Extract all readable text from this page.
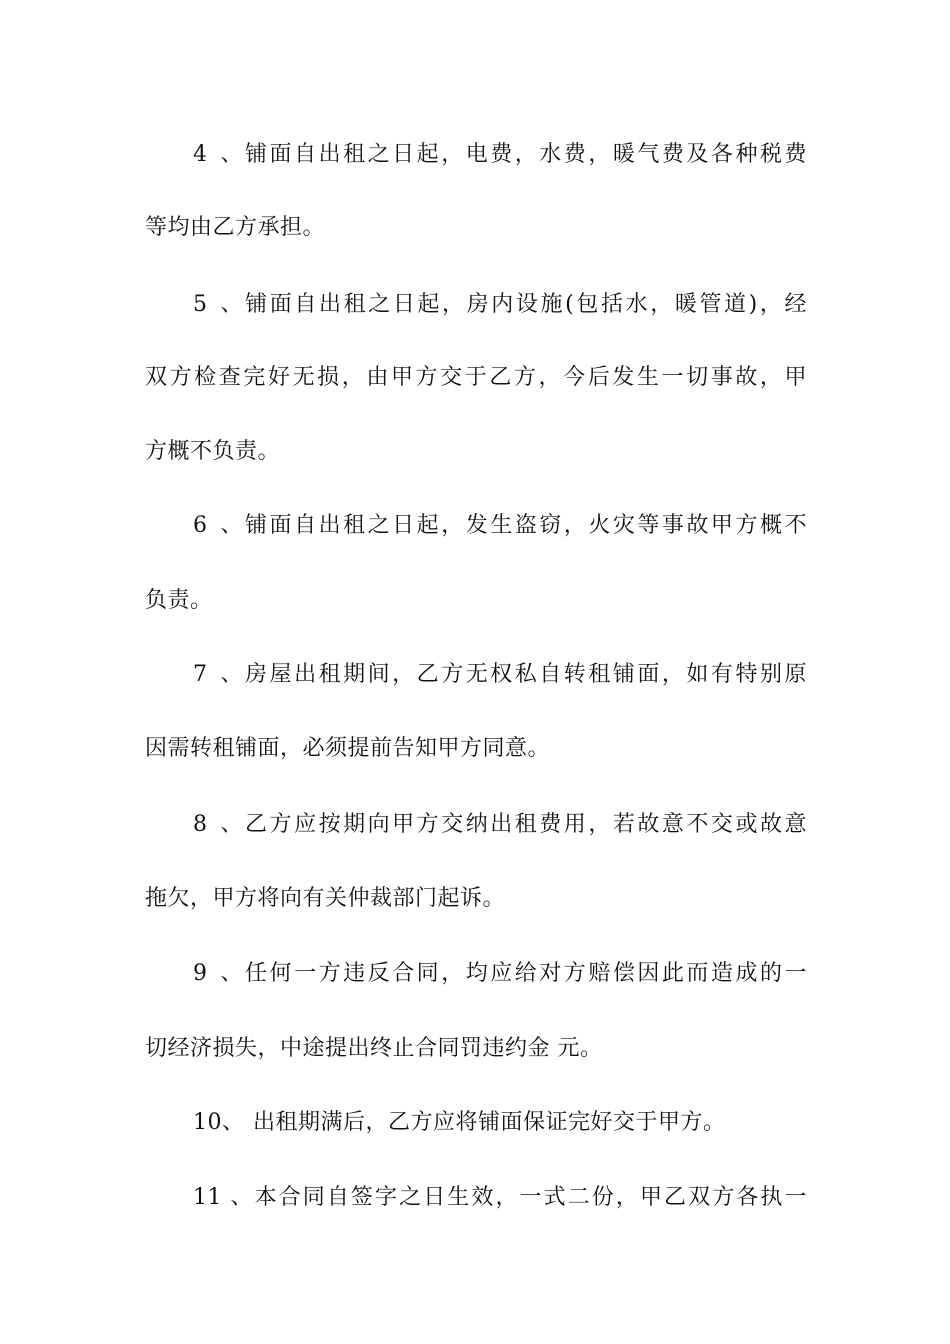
4、铺面自出租之日起，电费，水费，暖气费及各种税费
等均由乙方承担。
5、铺面自出租之日起，房内设施(包括水，暖管道)，经
双方检查完好无损，由甲方交于乙方，今后发生一切事故，甲
方概不负责。
6、铺面自出租之日起，发生盗窃，火灾等事故甲方概不
负责。
7、房屋出租期间，乙方无权私自转租铺面，如有特别原
因需转租铺面，必须提前告知甲方同意。
8、乙方应按期向甲方交纳出租费用，若故意不交或故意
拖欠，甲方将向有关仲裁部门起诉。
9、任何一方违反合同，均应给对方赔偿因此而造成的一
切经济损失，中途提出终止合同罚违约金 元。
10、 出租期满后，乙方应将铺面保证完好交于甲方。
11、本合同自签字之日生效，一式二份，甲乙双方各执一
